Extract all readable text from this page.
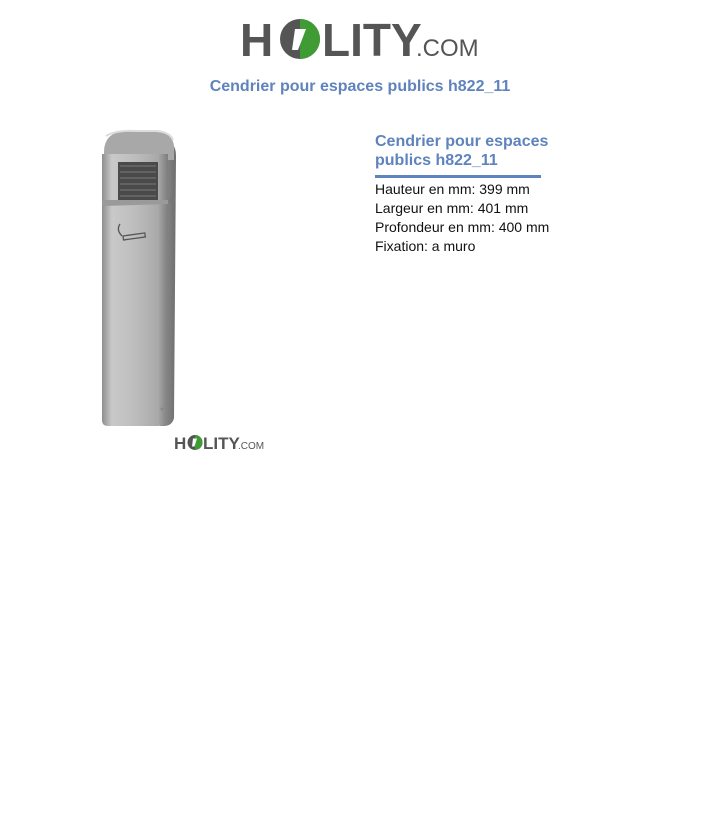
H LITY
.COM
Cendrier pour espaces publics h822_11
H LITY
.COM
Cendrier pour espaces publics h822_11

Hauteur en mm: 399 mm

Largeur en mm: 401 mm

Profondeur en mm: 400 mm

Fixation: a muro
